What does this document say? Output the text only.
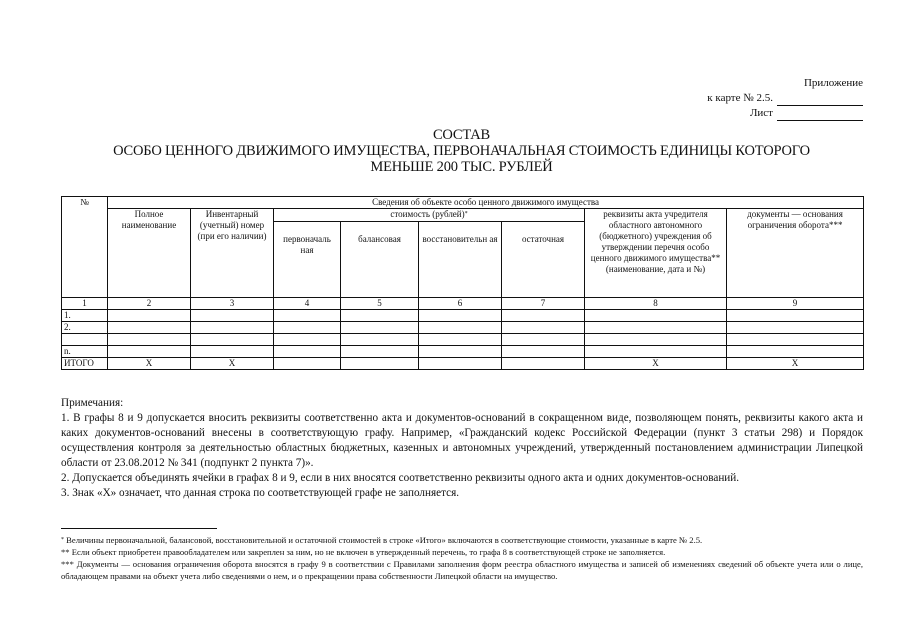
Приложение
к карте № 2.5.
Лист
СОСТАВ
ОСОБО ЦЕННОГО ДВИЖИМОГО ИМУЩЕСТВА, ПЕРВОНАЧАЛЬНАЯ СТОИМОСТЬ ЕДИНИЦЫ КОТОРОГО
МЕНЬШЕ 200 ТЫС. РУБЛЕЙ
№	Сведения об объекте особо ценного движимого имущества							
	Полное наименование	Инвентарный (учетный) номер (при его наличии)	стоимость (рублей)*				реквизиты акта учредителя областного автономного (бюджетного) учреждения об утверждении перечня особо ценного движимого имущества** (наименование, дата и №)	документы — основания ограничения оборота***
			первоначаль ная	балансовая	восстановительн ая	остаточная		
1	2	3	4	5	6	7	8	9
1.								
2.								

n.								
ИТОГО	X	X					X	X

Примечания:

1. В графы 8 и 9 допускается вносить реквизиты соответственно акта и документов-оснований в сокращенном виде, позволяющем понять, реквизиты какого акта и каких документов-оснований внесены в соответствующую графу. Например, «Гражданский кодекс Российской Федерации (пункт 3 статьи 298) и Порядок осуществления контроля за деятельностью областных бюджетных, казенных и автономных учреждений, утвержденный постановлением администрации Липецкой области от 23.08.2012 № 341 (подпункт 2 пункта 7)».

2. Допускается объединять ячейки в графах 8 и 9, если в них вносятся соответственно реквизиты одного акта и одних документов-оснований.

3. Знак «Х» означает, что данная строка по соответствующей графе не заполняется.

* Величины первоначальной, балансовой, восстановительной и остаточной стоимостей в строке «Итого» включаются в соответствующие стоимости, указанные в карте № 2.5.

** Если объект приобретен правообладателем или закреплен за ним, но не включен в утвержденный перечень, то графа 8 в соответствующей строке не заполняется.

*** Документы — основания ограничения оборота вносятся в графу 9 в соответствии с Правилами заполнения форм реестра областного имущества и записей об изменениях сведений об объекте учета или о лице, обладающем правами на объект учета либо сведениями о нем, и о прекращении права собственности Липецкой области на имущество.
